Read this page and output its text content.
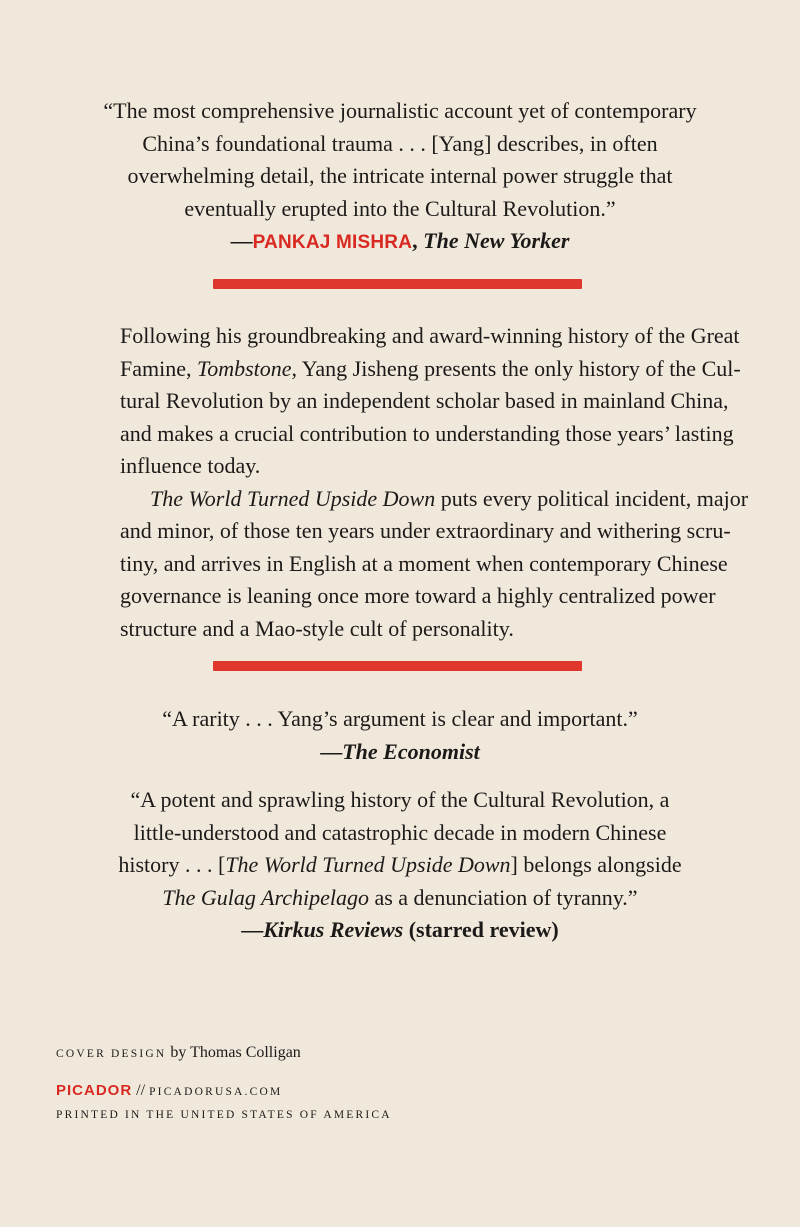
“The most comprehensive journalistic account yet of contemporary
China’s foundational trauma . . . [Yang] describes, in often
overwhelming detail, the intricate internal power struggle that
eventually erupted into the Cultural Revolution.”
—PANKAJ MISHRA, The New Yorker
Following his groundbreaking and award-winning history of the Great
Famine, Tombstone, Yang Jisheng presents the only history of the Cul-
tural Revolution by an independent scholar based in mainland China,
and makes a crucial contribution to understanding those years’ lasting
influence today.
The World Turned Upside Down puts every political incident, major
and minor, of those ten years under extraordinary and withering scru-
tiny, and arrives in English at a moment when contemporary Chinese
governance is leaning once more toward a highly centralized power
structure and a Mao-style cult of personality.
“A rarity . . . Yang’s argument is clear and important.”
—The Economist
“A potent and sprawling history of the Cultural Revolution, a
little-understood and catastrophic decade in modern Chinese
history . . . [The World Turned Upside Down] belongs alongside
The Gulag Archipelago as a denunciation of tyranny.”
—Kirkus Reviews (starred review)
COVER DESIGN by Thomas Colligan
PICADOR // PICADORUSA.COM
PRINTED IN THE UNITED STATES OF AMERICA
